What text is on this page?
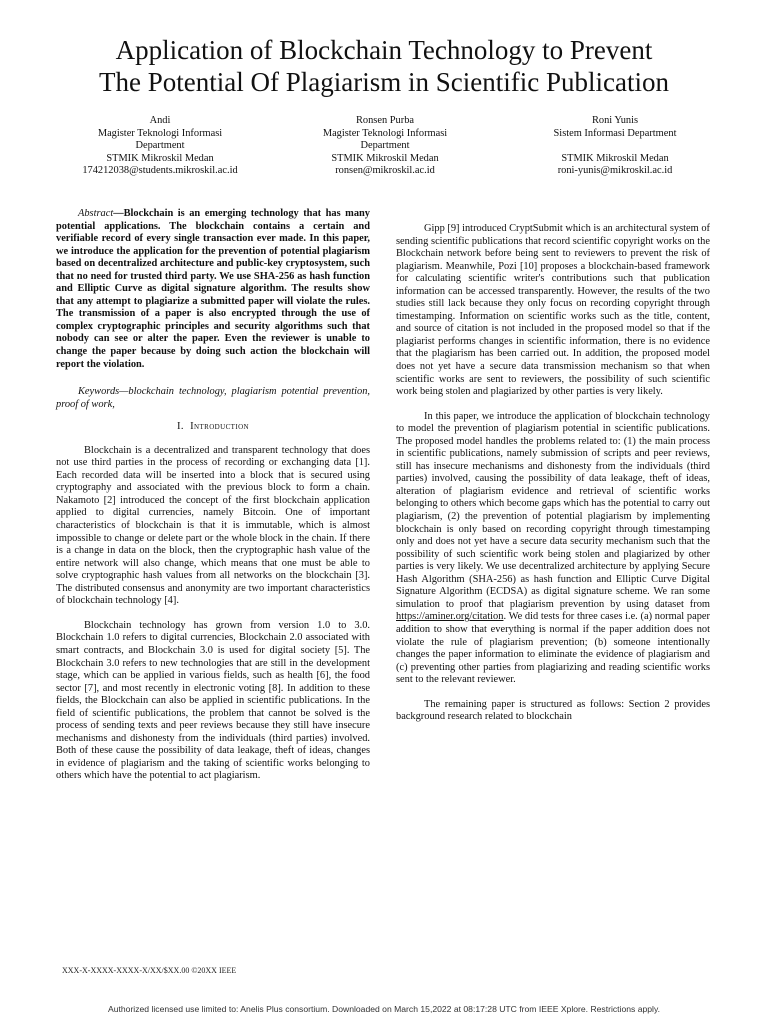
Application of Blockchain Technology to Prevent
The Potential Of Plagiarism in Scientific Publication
Andi
Magister Teknologi Informasi
Department
STMIK Mikroskil Medan
174212038@students.mikroskil.ac.id
Ronsen Purba
Magister Teknologi Informasi
Department
STMIK Mikroskil Medan
ronsen@mikroskil.ac.id
Roni Yunis
Sistem Informasi Department
STMIK Mikroskil Medan
roni-yunis@mikroskil.ac.id

Abstract—Blockchain is an emerging technology that has many potential applications. The blockchain contains a certain and verifiable record of every single transaction ever made. In this paper, we introduce the application for the prevention of potential plagiarism based on decentralized architecture and public-key cryptosystem, such that no need for trusted third party. We use SHA-256 as hash function and Elliptic Curve as digital signature algorithm. The results show that any attempt to plagiarize a submitted paper will violate the rules. The transmission of a paper is also encrypted through the use of complex cryptographic principles and security algorithms such that nobody can see or alter the paper. Even the reviewer is unable to change the paper because by doing such action the blockchain will report the violation.

Keywords—blockchain technology, plagiarism potential prevention, proof of work,

I. Introduction

Blockchain is a decentralized and transparent technology that does not use third parties in the process of recording or exchanging data [1]. Each recorded data will be inserted into a block that is secured using cryptography and associated with the previous block to form a chain. Nakamoto [2] introduced the concept of the first blockchain application applied to digital currencies, namely Bitcoin. One of important characteristics of blockchain is that it is immutable, which is almost impossible to change or delete part or the whole block in the chain. If there is a change in data on the block, then the cryptographic hash value of the entire network will also change, which means that one must be able to solve cryptographic hash values from all networks on the blockchain [3]. The distributed consensus and anonymity are two important characteristics of blockchain technology [4].

Blockchain technology has grown from version 1.0 to 3.0. Blockchain 1.0 refers to digital currencies, Blockchain 2.0 associated with smart contracts, and Blockchain 3.0 is used for digital society [5]. The Blockchain 3.0 refers to new technologies that are still in the development stage, which can be applied in various fields, such as health [6], the food sector [7], and most recently in electronic voting [8]. In addition to these fields, the Blockchain can also be applied in scientific publications. In the field of scientific publications, the problem that cannot be solved is the process of sending texts and peer reviews because they still have insecure mechanisms and dishonesty from the individuals (third parties) involved. Both of these cause the possibility of data leakage, theft of ideas, changes in evidence of plagiarism and the taking of scientific works belonging to others which have the potential to act plagiarism.

Gipp [9] introduced CryptSubmit which is an architectural system of sending scientific publications that record scientific copyright works on the Blockchain network before being sent to reviewers to prevent the risk of plagiarism. Meanwhile, Pozi [10] proposes a blockchain-based framework for calculating scientific writer's contributions such that publication information can be accessed transparently. However, the results of the two studies still lack because they only focus on recording copyright through timestamping. Information on scientific works such as the title, content, and source of citation is not included in the proposed model so that if the plagiarist performs changes in scientific information, there is no evidence that the plagiarism has been carried out. In addition, the proposed model does not yet have a secure data transmission mechanism so that when scientific works are sent to reviewers, the possibility of such scientific work being stolen and plagiarized by other parties is very likely.

In this paper, we introduce the application of blockchain technology to model the prevention of plagiarism potential in scientific publications. The proposed model handles the problems related to: (1) the main process in scientific publications, namely submission of scripts and peer reviews, still has insecure mechanisms and dishonesty from the individuals (third parties) involved, causing the possibility of data leakage, theft of ideas, alteration of plagiarism evidence and retrieval of scientific works belonging to others which become gaps which has the potential to carry out plagiarism, (2) the prevention of potential plagiarism by implementing blockchain is only based on recording copyright through timestamping only and does not yet have a secure data security mechanism such that the possibility of such scientific work being stolen and plagiarized by other parties is very likely. We use decentralized architecture by applying Secure Hash Algorithm (SHA-256) as hash function and Elliptic Curve Digital Signature Algorithm (ECDSA) as digital signature scheme. We ran some simulation to proof that plagiarism prevention by using dataset from https://aminer.org/citation. We did tests for three cases i.e. (a) normal paper addition to show that everything is normal if the paper addition does not violate the rule of plagiarism prevention; (b) someone intentionally changes the paper information to eliminate the evidence of plagiarism and (c) preventing other parties from plagiarizing and reading scientific works sent to the relevant reviewer.

The remaining paper is structured as follows: Section 2 provides background research related to blockchain

XXX-X-XXXX-XXXX-X/XX/$XX.00 ©20XX IEEE
Authorized licensed use limited to: Anelis Plus consortium. Downloaded on March 15,2022 at 08:17:28 UTC from IEEE Xplore. Restrictions apply.
